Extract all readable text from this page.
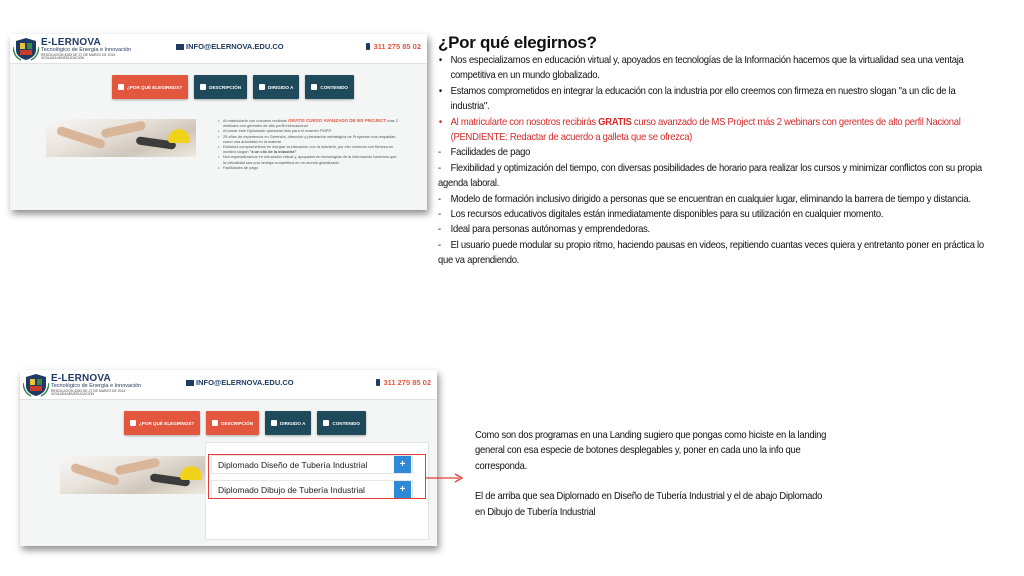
E-LERNOVA
Tecnológico de Energía e Innovación
RESOLUCIÓN 4283 DE 27 DE MARZO DE 2014
VIGILADA MINEDUCACIÓN
INFO@ELERNOVA.EDU.CO	311 275 85 02
¿POR QUÉ ELEGIRNOS?	DESCRIPCIÓN	DIRIGIDO A	CONTENIDO
• Al matricularte con nosotros recibirás GRATIS CURSO AVANZADO DE MS PROJECT más 2 webinars con gerentes de alto perfil internacional.
• Al tomar este Diplomado quedarás listo para el examen PMP®
• 25 años de experiencia en Gerencia, dirección y planeación estratégica de Proyectos nos respaldan como una autoridad en la materia
• Estamos comprometidos en integrar la educación con la industria, por ello creemos con firmeza en nuestro slogan "a un clic de la industria"
• Nos especializamos en educación virtual y, apoyados en tecnologías de la información hacemos que la virtualidad sea una ventaja competitiva en un mundo globalizado.
• Facilidades de pago
¿Por qué elegirnos?
• Nos especializamos en educación virtual y, apoyados en tecnologías de la Información hacemos que la virtualidad sea una ventaja
competitiva en un mundo globalizado.
• Estamos comprometidos en integrar la educación con la industria por ello creemos con firmeza en nuestro slogan "a un clic de la
industria".
• Al matricularte con nosotros recibirás GRATIS curso avanzado de MS Project más 2 webinars con gerentes de alto perfil Nacional
(PENDIENTE: Redactar de acuerdo a galleta que se ofrezca)
- Facilidades de pago
- Flexibilidad y optimización del tiempo, con diversas posibilidades de horario para realizar los cursos y minimizar conflictos con su propia
agenda laboral.
- Modelo de formación inclusivo dirigido a personas que se encuentran en cualquier lugar, eliminando la barrera de tiempo y distancia.
- Los recursos educativos digitales están inmediatamente disponibles para su utilización en cualquier momento.
- Ideal para personas autónomas y emprendedoras.
- El usuario puede modular su propio ritmo, haciendo pausas en videos, repitiendo cuantas veces quiera y entretanto poner en práctica lo
que va aprendiendo.
E-LERNOVA
Tecnológico de Energía e Innovación
RESOLUCIÓN 4283 DE 27 DE MARZO DE 2014
VIGILADA MINEDUCACIÓN
INFO@ELERNOVA.EDU.CO	311 275 85 02
¿POR QUÉ ELEGIRNOS?	DESCRIPCIÓN	DIRIGIDO A	CONTENIDO
Diplomado Diseño de Tubería Industrial	+
Diplomado Dibujo de Tubería Industrial	+

Como son dos programas en una Landing sugiero que pongas como hiciste en la landing general con esa especie de botones desplegables y, poner en cada uno la info que corresponda.

El de arriba que sea Diplomado en Diseño de Tubería Industrial y el de abajo Diplomado en Dibujo de Tubería Industrial
